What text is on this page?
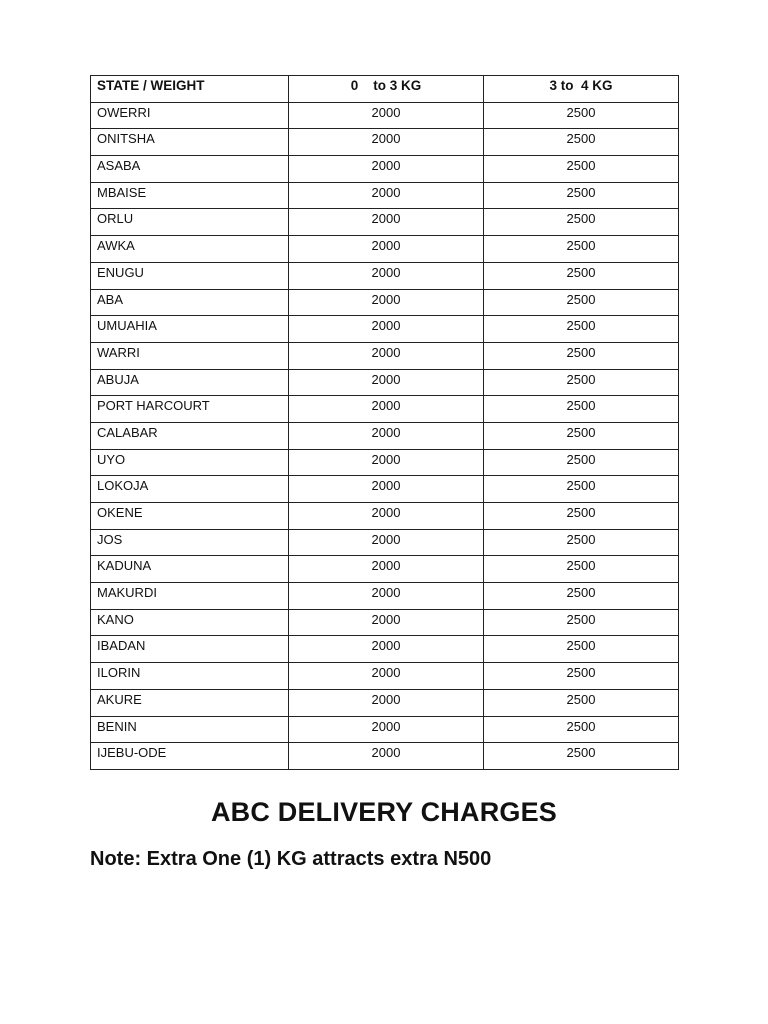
STATE / WEIGHT	0    to 3 KG	3 to  4 KG
OWERRI	2000	2500
ONITSHA	2000	2500
ASABA	2000	2500
MBAISE	2000	2500
ORLU	2000	2500
AWKA	2000	2500
ENUGU	2000	2500
ABA	2000	2500
UMUAHIA	2000	2500
WARRI	2000	2500
ABUJA	2000	2500
PORT HARCOURT	2000	2500
CALABAR	2000	2500
UYO	2000	2500
LOKOJA	2000	2500
OKENE	2000	2500
JOS	2000	2500
KADUNA	2000	2500
MAKURDI	2000	2500
KANO	2000	2500
IBADAN	2000	2500
ILORIN	2000	2500
AKURE	2000	2500
BENIN	2000	2500
IJEBU-ODE	2000	2500
ABC DELIVERY CHARGES
Note: Extra One (1) KG attracts extra N500
